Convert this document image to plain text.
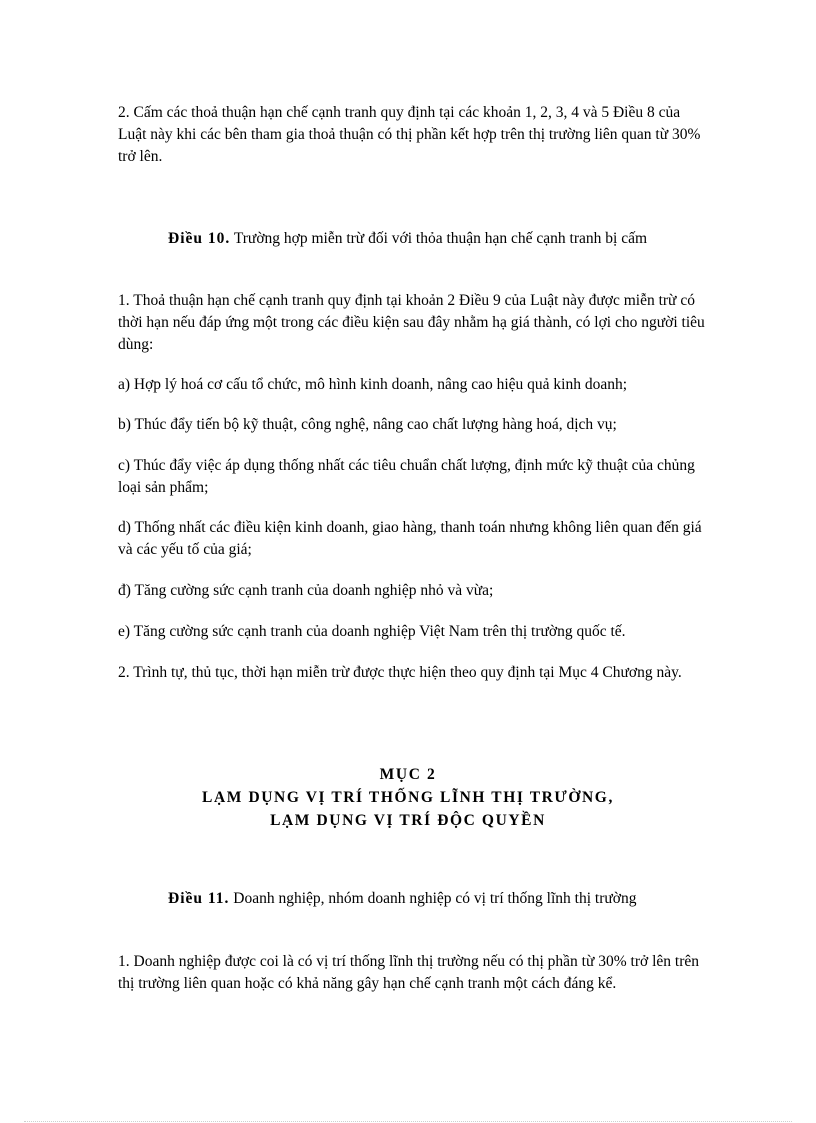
2. Cấm các thoả thuận hạn chế cạnh tranh quy định tại các khoản 1, 2, 3, 4 và 5 Điều 8 của Luật này khi các bên tham gia thoả thuận có thị phần kết hợp trên thị trường liên quan từ 30% trở lên.

Điều 10. Trường hợp miễn trừ đối với thỏa thuận hạn chế cạnh tranh bị cấm

1. Thoả thuận hạn chế cạnh tranh quy định tại khoản 2 Điều 9 của Luật này được miễn trừ có thời hạn nếu đáp ứng một trong các điều kiện sau đây nhằm hạ giá thành, có lợi cho người tiêu dùng:

a) Hợp lý hoá cơ cấu tổ chức, mô hình kinh doanh, nâng cao hiệu quả kinh doanh;

b) Thúc đẩy tiến bộ kỹ thuật, công nghệ, nâng cao chất lượng hàng hoá, dịch vụ;

c) Thúc đẩy việc áp dụng thống nhất các tiêu chuẩn chất lượng, định mức kỹ thuật của chủng loại sản phẩm;

d) Thống nhất các điều kiện kinh doanh, giao hàng, thanh toán nhưng không liên quan đến giá và các yếu tố của giá;

đ) Tăng cường sức cạnh tranh của doanh nghiệp nhỏ và vừa;

e) Tăng cường sức cạnh tranh của doanh nghiệp Việt Nam trên thị trường quốc tế.

2. Trình tự, thủ tục, thời hạn miễn trừ được thực hiện theo quy định tại Mục 4 Chương này.

MỤC 2

LẠM DỤNG VỊ TRÍ THỐNG LĨNH THỊ TRƯỜNG,

LẠM DỤNG VỊ TRÍ ĐỘC QUYỀN

Điều 11. Doanh nghiệp, nhóm doanh nghiệp có vị trí thống lĩnh thị trường

1. Doanh nghiệp được coi là có vị trí thống lĩnh thị trường nếu có thị phần từ 30% trở lên trên thị trường liên quan hoặc có khả năng gây hạn chế cạnh tranh một cách đáng kể.
